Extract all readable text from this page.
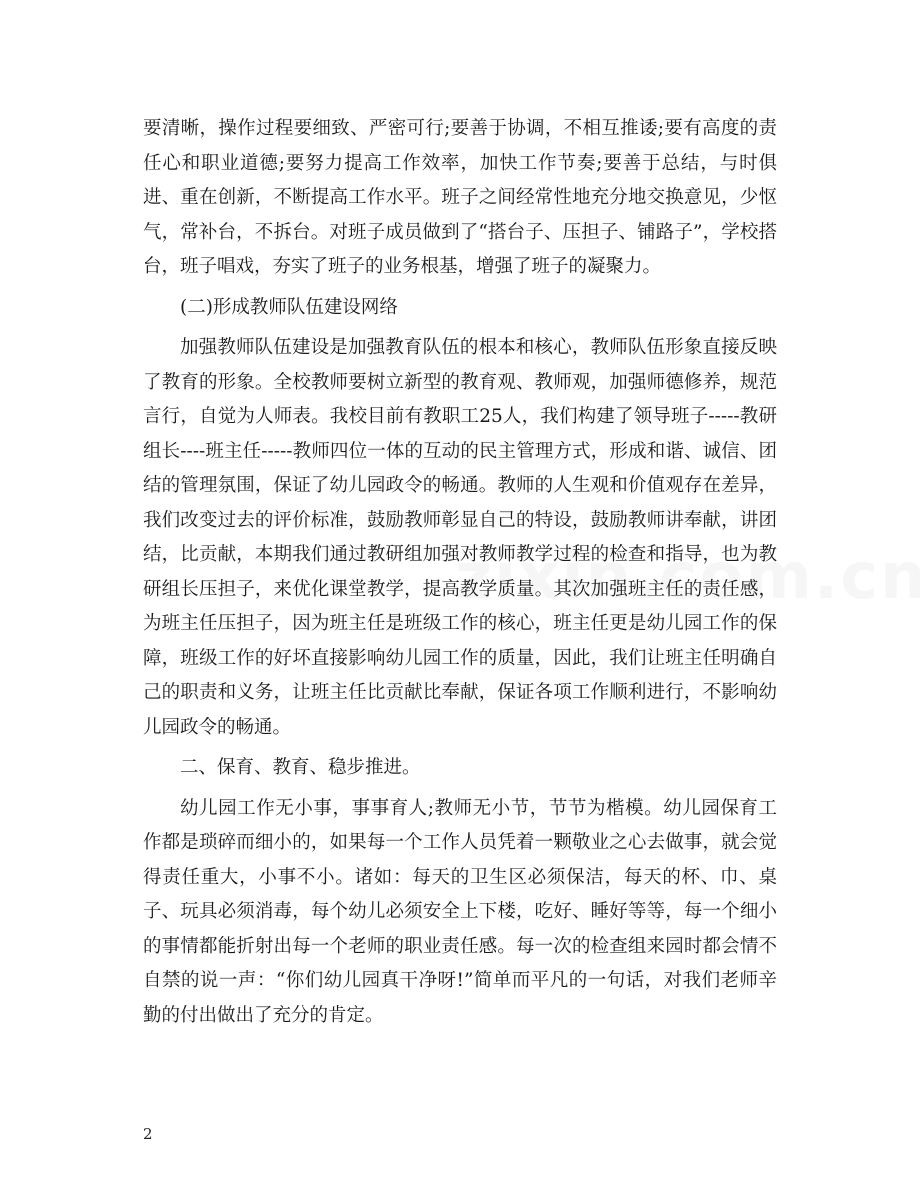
要清晰，操作过程要细致、严密可行;要善于协调，不相互推诿;要有高度的责任心和职业道德;要努力提高工作效率，加快工作节奏;要善于总结，与时俱进、重在创新，不断提高工作水平。班子之间经常性地充分地交换意见，少怄气，常补台，不拆台。对班子成员做到了“搭台子、压担子、铺路子”，学校搭台，班子唱戏，夯实了班子的业务根基，增强了班子的凝聚力。

(二)形成教师队伍建设网络

加强教师队伍建设是加强教育队伍的根本和核心，教师队伍形象直接反映了教育的形象。全校教师要树立新型的教育观、教师观，加强师德修养，规范言行，自觉为人师表。我校目前有教职工25人，我们构建了领导班子-----教研组长----班主任-----教师四位一体的互动的民主管理方式，形成和谐、诚信、团结的管理氛围，保证了幼儿园政令的畅通。教师的人生观和价值观存在差异，我们改变过去的评价标准，鼓励教师彰显自己的特设，鼓励教师讲奉献，讲团结，比贡献，本期我们通过教研组加强对教师教学过程的检查和指导，也为教研组长压担子，来优化课堂教学，提高教学质量。其次加强班主任的责任感，为班主任压担子，因为班主任是班级工作的核心，班主任更是幼儿园工作的保障，班级工作的好坏直接影响幼儿园工作的质量，因此，我们让班主任明确自己的职责和义务，让班主任比贡献比奉献，保证各项工作顺利进行，不影响幼儿园政令的畅通。

二、保育、教育、稳步推进。

幼儿园工作无小事，事事育人;教师无小节，节节为楷模。幼儿园保育工作都是琐碎而细小的，如果每一个工作人员凭着一颗敬业之心去做事，就会觉得责任重大，小事不小。诸如：每天的卫生区必须保洁，每天的杯、巾、桌子、玩具必须消毒，每个幼儿必须安全上下楼，吃好、睡好等等，每一个细小的事情都能折射出每一个老师的职业责任感。每一次的检查组来园时都会情不自禁的说一声：“你们幼儿园真干净呀!”简单而平凡的一句话，对我们老师辛勤的付出做出了充分的肯定。

2
